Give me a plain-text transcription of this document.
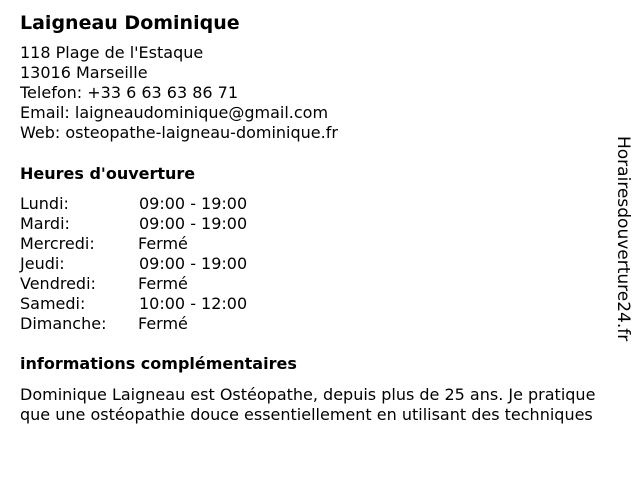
Laigneau Dominique
118 Plage de l'Estaque
13016 Marseille
Telefon: +33 6 63 63 86 71
Email: laigneaudominique@gmail.com
Web: osteopathe-laigneau-dominique.fr
Heures d'ouverture
Lundi:	09:00 - 19:00
Mardi:	09:00 - 19:00
Mercredi:	Fermé
Jeudi:	09:00 - 19:00
Vendredi:	Fermé
Samedi:	10:00 - 12:00
Dimanche: Fermé
informations complémentaires
Dominique Laigneau est Ostéopathe, depuis plus de 25 ans. Je pratique
que une ostéopathie douce essentiellement en utilisant des techniques
Horairesdouverture24.fr
